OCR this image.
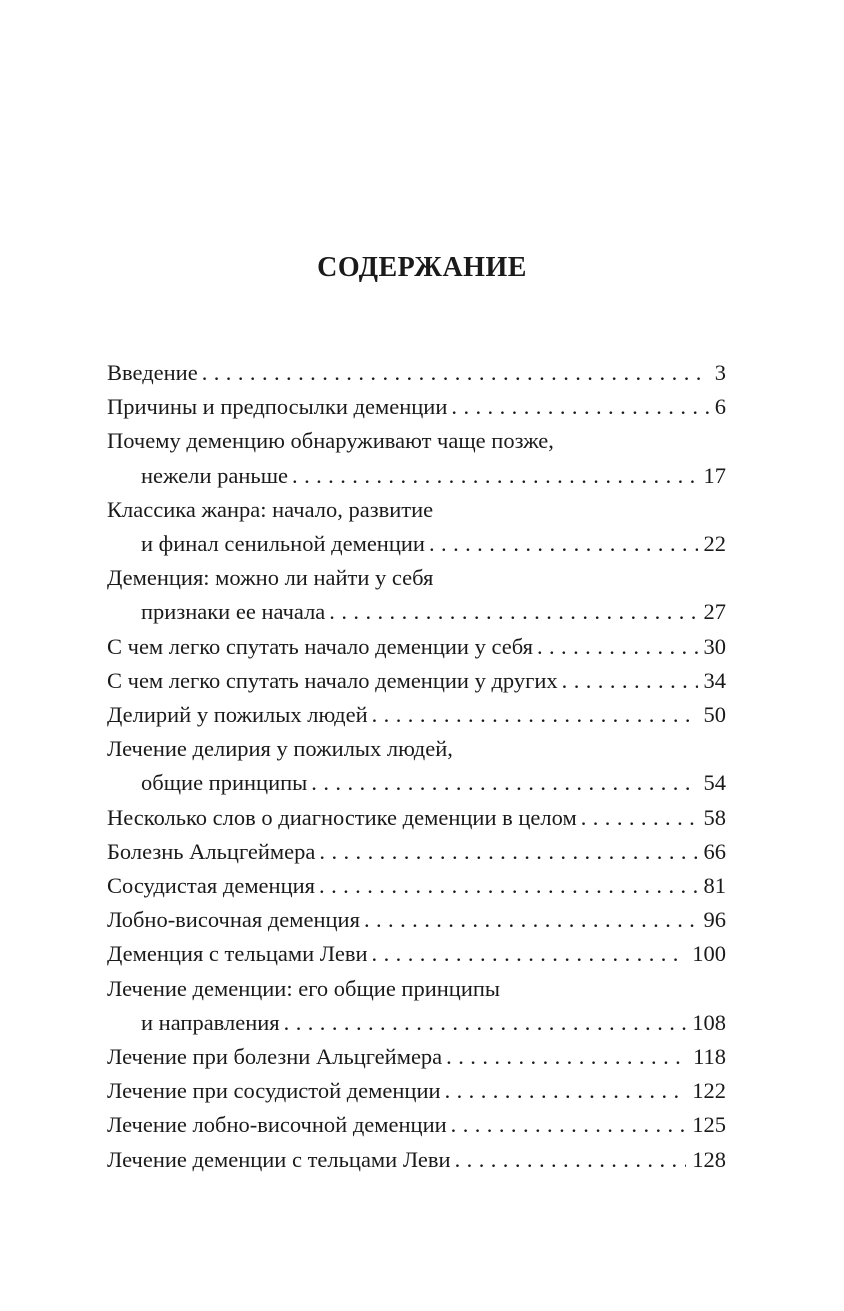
СОДЕРЖАНИЕ
Введение . . .	3
Причины и предпосылки деменции . . .	6
Почему деменцию обнаруживают чаще позже,
нежели раньше . . .	17
Классика жанра: начало, развитие
и финал сенильной деменции . . .	22
Деменция: можно ли найти у себя
признаки ее начала . . .	27
С чем легко спутать начало деменции у себя . . .	30
С чем легко спутать начало деменции у других . . .	34
Делирий у пожилых людей . . .	50
Лечение делирия у пожилых людей,
общие принципы . . .	54
Несколько слов о диагностике деменции в целом . . .	58
Болезнь Альцгеймера . . .	66
Сосудистая деменция . . .	81
Лобно-височная деменция . . .	96
Деменция с тельцами Леви . . .	100
Лечение деменции: его общие принципы
и направления . . .	108
Лечение при болезни Альцгеймера . . .	118
Лечение при сосудистой деменции . . .	122
Лечение лобно-височной деменции . . .	125
Лечение деменции с тельцами Леви . . .	128
